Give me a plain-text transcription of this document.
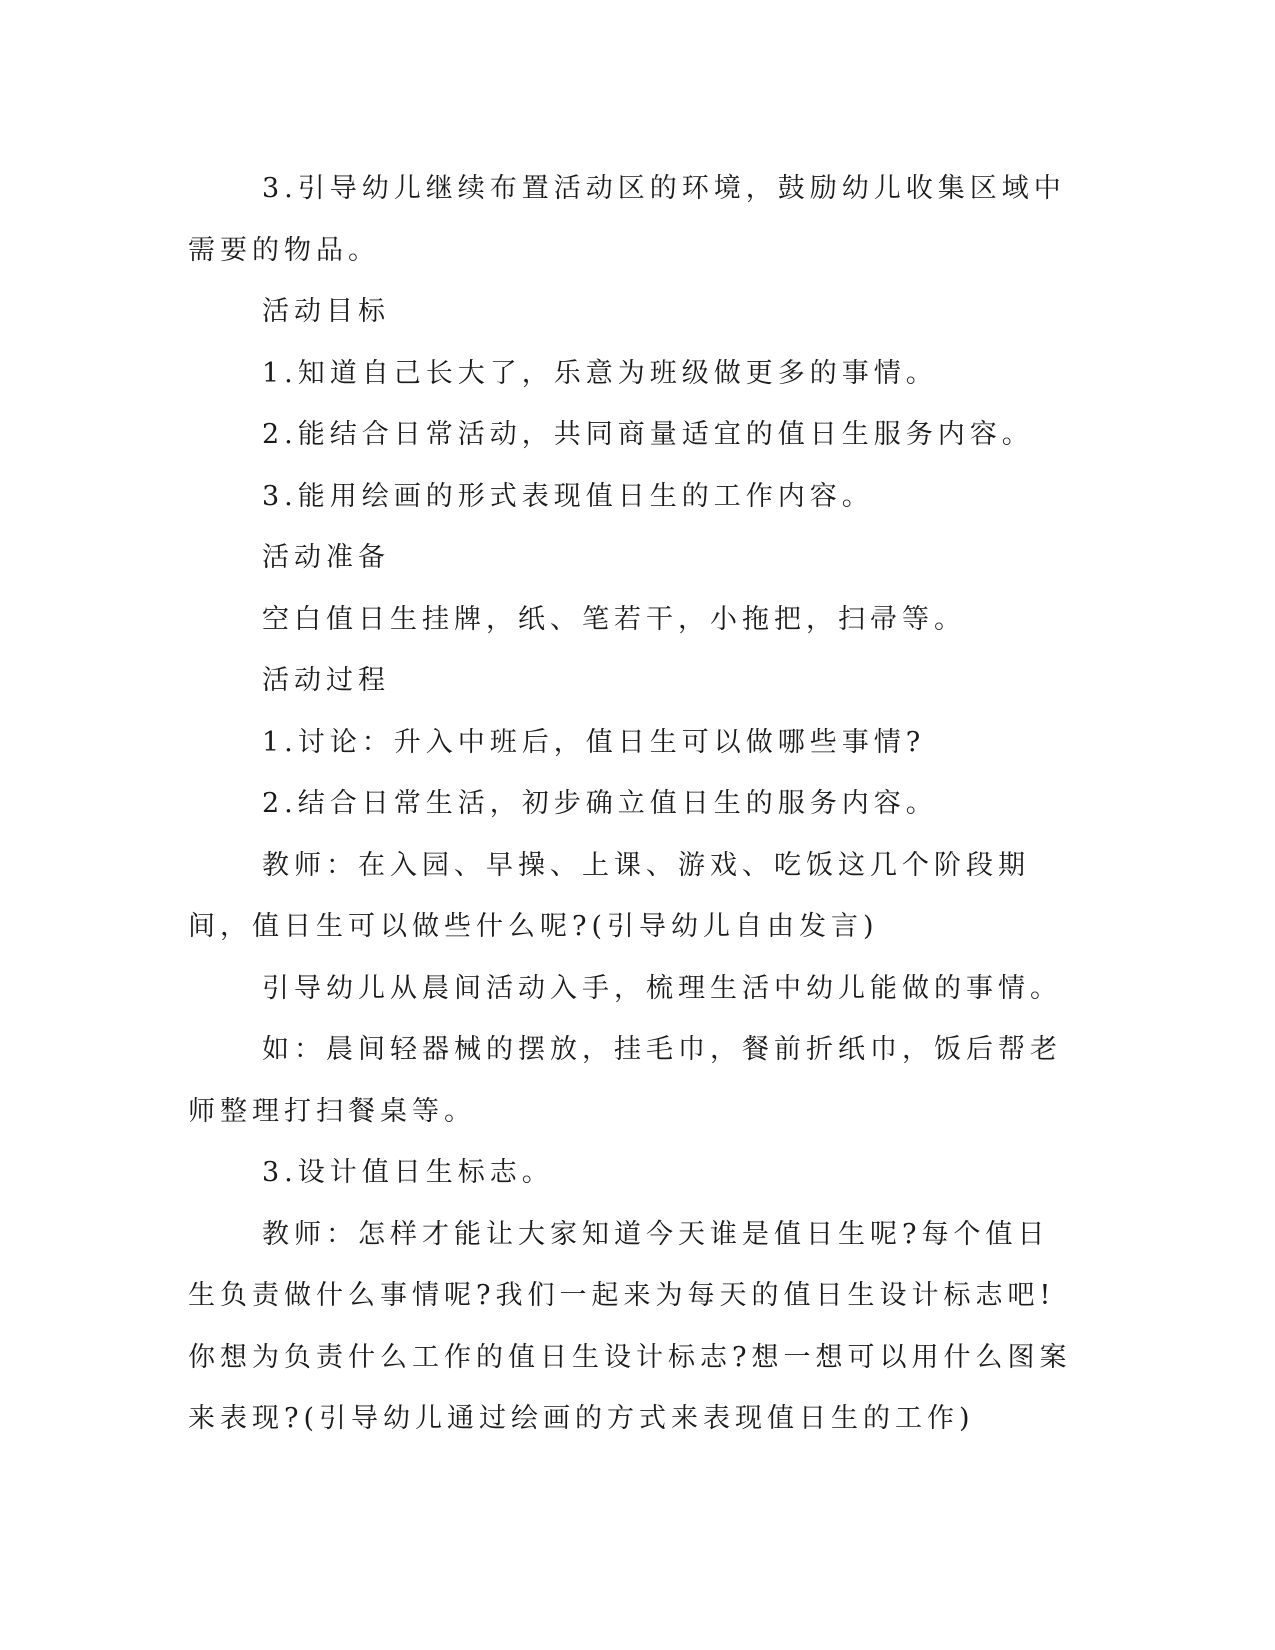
3.引导幼儿继续布置活动区的环境，鼓励幼儿收集区域中需要的物品。

活动目标

1.知道自己长大了，乐意为班级做更多的事情。

2.能结合日常活动，共同商量适宜的值日生服务内容。

3.能用绘画的形式表现值日生的工作内容。

活动准备

空白值日生挂牌，纸、笔若干，小拖把，扫帚等。

活动过程

1.讨论：升入中班后，值日生可以做哪些事情?

2.结合日常生活，初步确立值日生的服务内容。

教师：在入园、早操、上课、游戏、吃饭这几个阶段期间，值日生可以做些什么呢?(引导幼儿自由发言)

引导幼儿从晨间活动入手，梳理生活中幼儿能做的事情。

如：晨间轻器械的摆放，挂毛巾，餐前折纸巾，饭后帮老师整理打扫餐桌等。

3.设计值日生标志。

教师：怎样才能让大家知道今天谁是值日生呢?每个值日生负责做什么事情呢?我们一起来为每天的值日生设计标志吧!你想为负责什么工作的值日生设计标志?想一想可以用什么图案来表现?(引导幼儿通过绘画的方式来表现值日生的工作)
